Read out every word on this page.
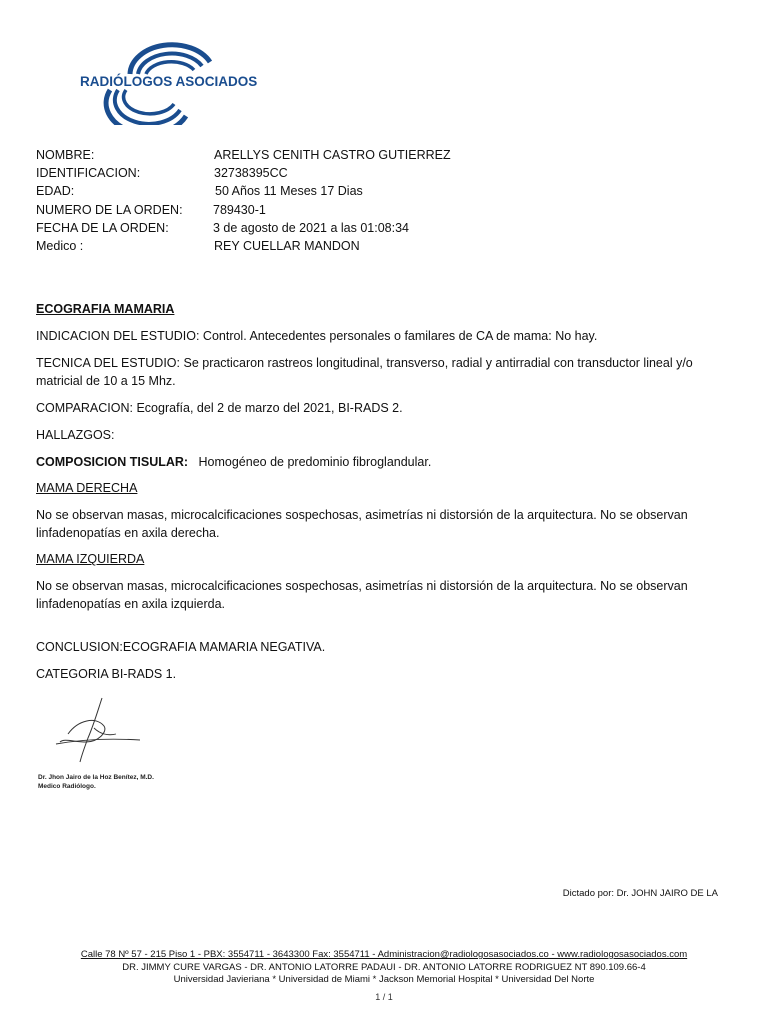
RADIÓLOGOS ASOCIADOS
NOMBRE:	ARELLYS CENITH CASTRO GUTIERREZ
IDENTIFICACION:	32738395CC
EDAD:	50 Años 11 Meses 17 Dias
NUMERO DE LA ORDEN: 789430-1
FECHA DE LA ORDEN:	3 de agosto de 2021 a las 01:08:34
Medico :	REY CUELLAR MANDON

ECOGRAFIA MAMARIA

INDICACION DEL ESTUDIO: Control. Antecedentes personales o familares de CA de mama: No hay.

TECNICA DEL ESTUDIO: Se practicaron rastreos longitudinal, transverso, radial y antirradial con transductor lineal y/o matricial de 10 a 15 Mhz.

COMPARACION: Ecografía, del 2 de marzo del 2021, BI-RADS 2.

HALLAZGOS:

COMPOSICION TISULAR: Homogéneo de predominio fibroglandular.

MAMA DERECHA

No se observan masas, microcalcificaciones sospechosas, asimetrías ni distorsión de la arquitectura. No se observan linfadenopatías en axila derecha.

MAMA IZQUIERDA

No se observan masas, microcalcificaciones sospechosas, asimetrías ni distorsión de la arquitectura. No se observan linfadenopatías en axila izquierda.

CONCLUSION:ECOGRAFIA MAMARIA NEGATIVA.

CATEGORIA BI-RADS 1.

Dr. Jhon Jairo de la Hoz Benítez, M.D.
Medico Radiólogo.
Dictado por: Dr. JOHN JAIRO DE LA
Calle 78 Nº 57 - 215 Piso 1 - PBX: 3554711 - 3643300 Fax: 3554711 - Administracion@radiologosasociados.co - www.radiologosasociados.com
DR. JIMMY CURE VARGAS - DR. ANTONIO LATORRE PADAUI - DR. ANTONIO LATORRE RODRIGUEZ NT 890.109.66-4
Universidad Javieriana * Universidad de Miami * Jackson Memorial Hospital * Universidad Del Norte
1 / 1
